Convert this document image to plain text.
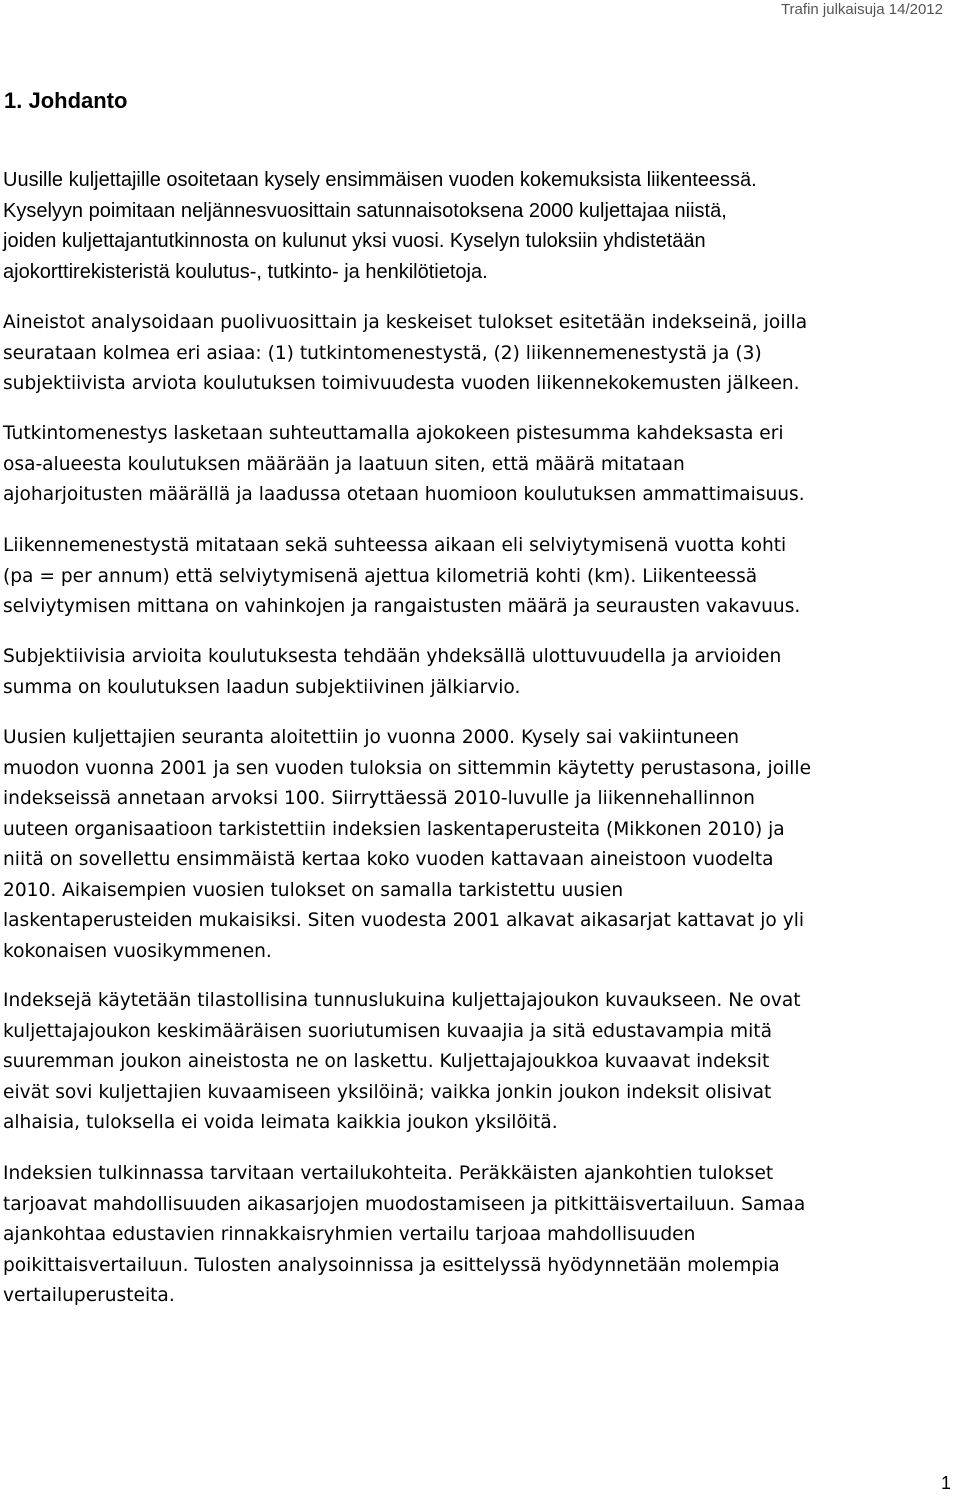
Trafin julkaisuja 14/2012
1. Johdanto

Uusille kuljettajille osoitetaan kysely ensimmäisen vuoden kokemuksista liikenteessä.
Kyselyyn poimitaan neljännesvuosittain satunnaisotoksena 2000 kuljettajaa niistä,
joiden kuljettajantutkinnosta on kulunut yksi vuosi. Kyselyn tuloksiin yhdistetään
ajokorttirekisteristä koulutus-, tutkinto- ja henkilötietoja.

Aineistot analysoidaan puolivuosittain ja keskeiset tulokset esitetään indekseinä, joilla
seurataan kolmea eri asiaa: (1) tutkintomenestystä, (2) liikennemenestystä ja (3)
subjektiivista arviota koulutuksen toimivuudesta vuoden liikennekokemusten jälkeen.

Tutkintomenestys lasketaan suhteuttamalla ajokokeen pistesumma kahdeksasta eri
osa-alueesta koulutuksen määrään ja laatuun siten, että määrä mitataan
ajoharjoitusten määrällä ja laadussa otetaan huomioon koulutuksen ammattimaisuus.

Liikennemenestystä mitataan sekä suhteessa aikaan eli selviytymisenä vuotta kohti
(pa = per annum) että selviytymisenä ajettua kilometriä kohti (km). Liikenteessä
selviytymisen mittana on vahinkojen ja rangaistusten määrä ja seurausten vakavuus.

Subjektiivisia arvioita koulutuksesta tehdään yhdeksällä ulottuvuudella ja arvioiden
summa on koulutuksen laadun subjektiivinen jälkiarvio.

Uusien kuljettajien seuranta aloitettiin jo vuonna 2000. Kysely sai vakiintuneen
muodon vuonna 2001 ja sen vuoden tuloksia on sittemmin käytetty perustasona, joille
indekseissä annetaan arvoksi 100. Siirryttäessä 2010-luvulle ja liikennehallinnon
uuteen organisaatioon tarkistettiin indeksien laskentaperusteita (Mikkonen 2010) ja
niitä on sovellettu ensimmäistä kertaa koko vuoden kattavaan aineistoon vuodelta
2010. Aikaisempien vuosien tulokset on samalla tarkistettu uusien
laskentaperusteiden mukaisiksi. Siten vuodesta 2001 alkavat aikasarjat kattavat jo yli
kokonaisen vuosikymmenen.

Indeksejä käytetään tilastollisina tunnuslukuina kuljettajajoukon kuvaukseen. Ne ovat
kuljettajajoukon keskimääräisen suoriutumisen kuvaajia ja sitä edustavampia mitä
suuremman joukon aineistosta ne on laskettu. Kuljettajajoukkoa kuvaavat indeksit
eivät sovi kuljettajien kuvaamiseen yksilöinä; vaikka jonkin joukon indeksit olisivat
alhaisia, tuloksella ei voida leimata kaikkia joukon yksilöitä.

Indeksien tulkinnassa tarvitaan vertailukohteita. Peräkkäisten ajankohtien tulokset
tarjoavat mahdollisuuden aikasarjojen muodostamiseen ja pitkittäisvertailuun. Samaa
ajankohtaa edustavien rinnakkaisryhmien vertailu tarjoaa mahdollisuuden
poikittaisvertailuun. Tulosten analysoinnissa ja esittelyssä hyödynnetään molempia
vertailuperusteita.

1
